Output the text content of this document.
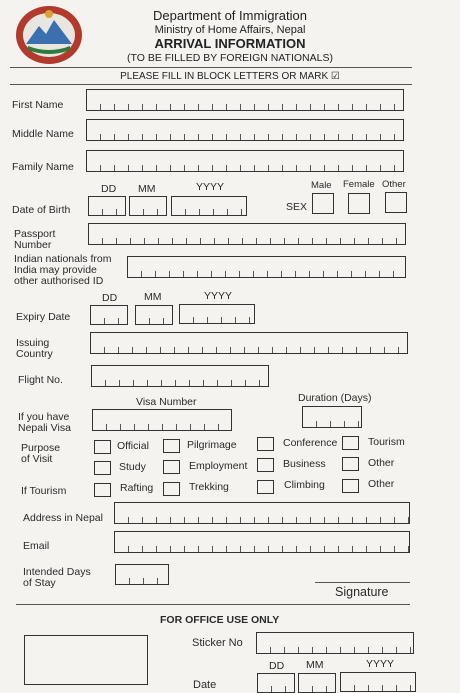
Department of Immigration
Ministry of Home Affairs, Nepal
ARRIVAL INFORMATION
(TO BE FILLED BY FOREIGN NATIONALS)
PLEASE FILL IN BLOCK LETTERS OR MARK ☑
First Name
Middle Name
Family Name
DD MM	YYYY
Date of Birth
Male Female Other
SEX
Passport
Number
Indian nationals from
India may provide
other authorised ID
DD	MM	YYYY
Expiry Date
Issuing
Country
Flight No.
Visa Number	Duration (Days)
If you have
Nepali Visa
Purpose
of Visit
Official	Pilgrimage	Conference	Tourism
Study	Employment	Business	Other
If Tourism	Rafting	Trekking	Climbing	Other
Address in Nepal
Email
Intended Days
of Stay
Signature
FOR OFFICE USE ONLY
Sticker No
DD MM	YYYY
Date
